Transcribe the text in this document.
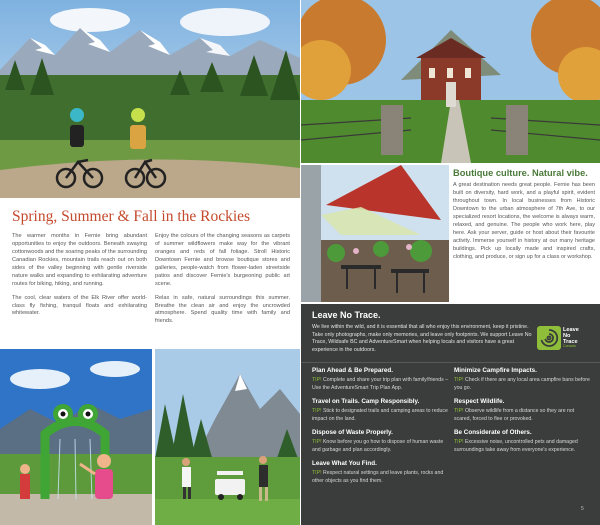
Spring, Summer & Fall in the Rockies

The warmer months in Fernie bring abundant opportunities to enjoy the outdoors. Beneath swaying cottonwoods and the soaring peaks of the surrounding Canadian Rockies, mountain trails reach out on both sides of the valley beginning with gentle riverside nature walks and expanding to exhilarating adventure routes for biking, hiking, and running.

The cool, clear waters of the Elk River offer world-class fly fishing, tranquil floats and exhilarating whitewater.

Enjoy the colours of the changing seasons as carpets of summer wildflowers make way for the vibrant oranges and reds of fall foliage. Stroll Historic Downtown Fernie and browse boutique stores and galleries, people-watch from flower-laden streetside patios and discover Fernie's burgeoning public art scene.

Relax in safe, natural surroundings this summer. Breathe the clean air and enjoy the uncrowded atmosphere. Spend quality time with family and friends.

Boutique culture. Natural vibe.

A great destination needs great people. Fernie has been built on diversity, hard work, and a playful spirit, evident throughout town. In local businesses from Historic Downtown to the urban atmosphere of 7th Ave, to our specialized resort locations, the welcome is always warm, relaxed, and genuine. The people who work here, play here. Ask your server, guide or host about their favourite activity. Immerse yourself in history at our many heritage buildings. Pick up locally made and inspired crafts, clothing, and produce, or sign up for a class or workshop.

Leave No Trace.

We live within the wild, and it is essential that all who enjoy this environment, keep it pristine. Take only photographs, make only memories, and leave only footprints. We support Leave No Trace, Wildsafe BC and AdventureSmart when helping locals and visitors have a great experience in the outdoors.

Leave
No
Trace
Canada
Plan Ahead & Be Prepared.

TIP! Complete and share your trip plan with family/friends – Use the AdventureSmart Trip Plan App.

Travel on Trails. Camp Responsibly.

TIP! Stick to designated trails and camping areas to reduce impact on the land.

Dispose of Waste Properly.

TIP! Know before you go how to dispose of human waste and garbage and plan accordingly.

Leave What You Find.

TIP! Respect natural settings and leave plants, rocks and other objects as you find them.

Minimize Campfire Impacts.

TIP! Check if there are any local area campfire bans before you go.

Respect Wildlife.

TIP! Observe wildlife from a distance so they are not scared, forced to flee or provoked.

Be Considerate of Others.

TIP! Excessive noise, uncontrolled pets and damaged surroundings take away from everyone's experience.

5
